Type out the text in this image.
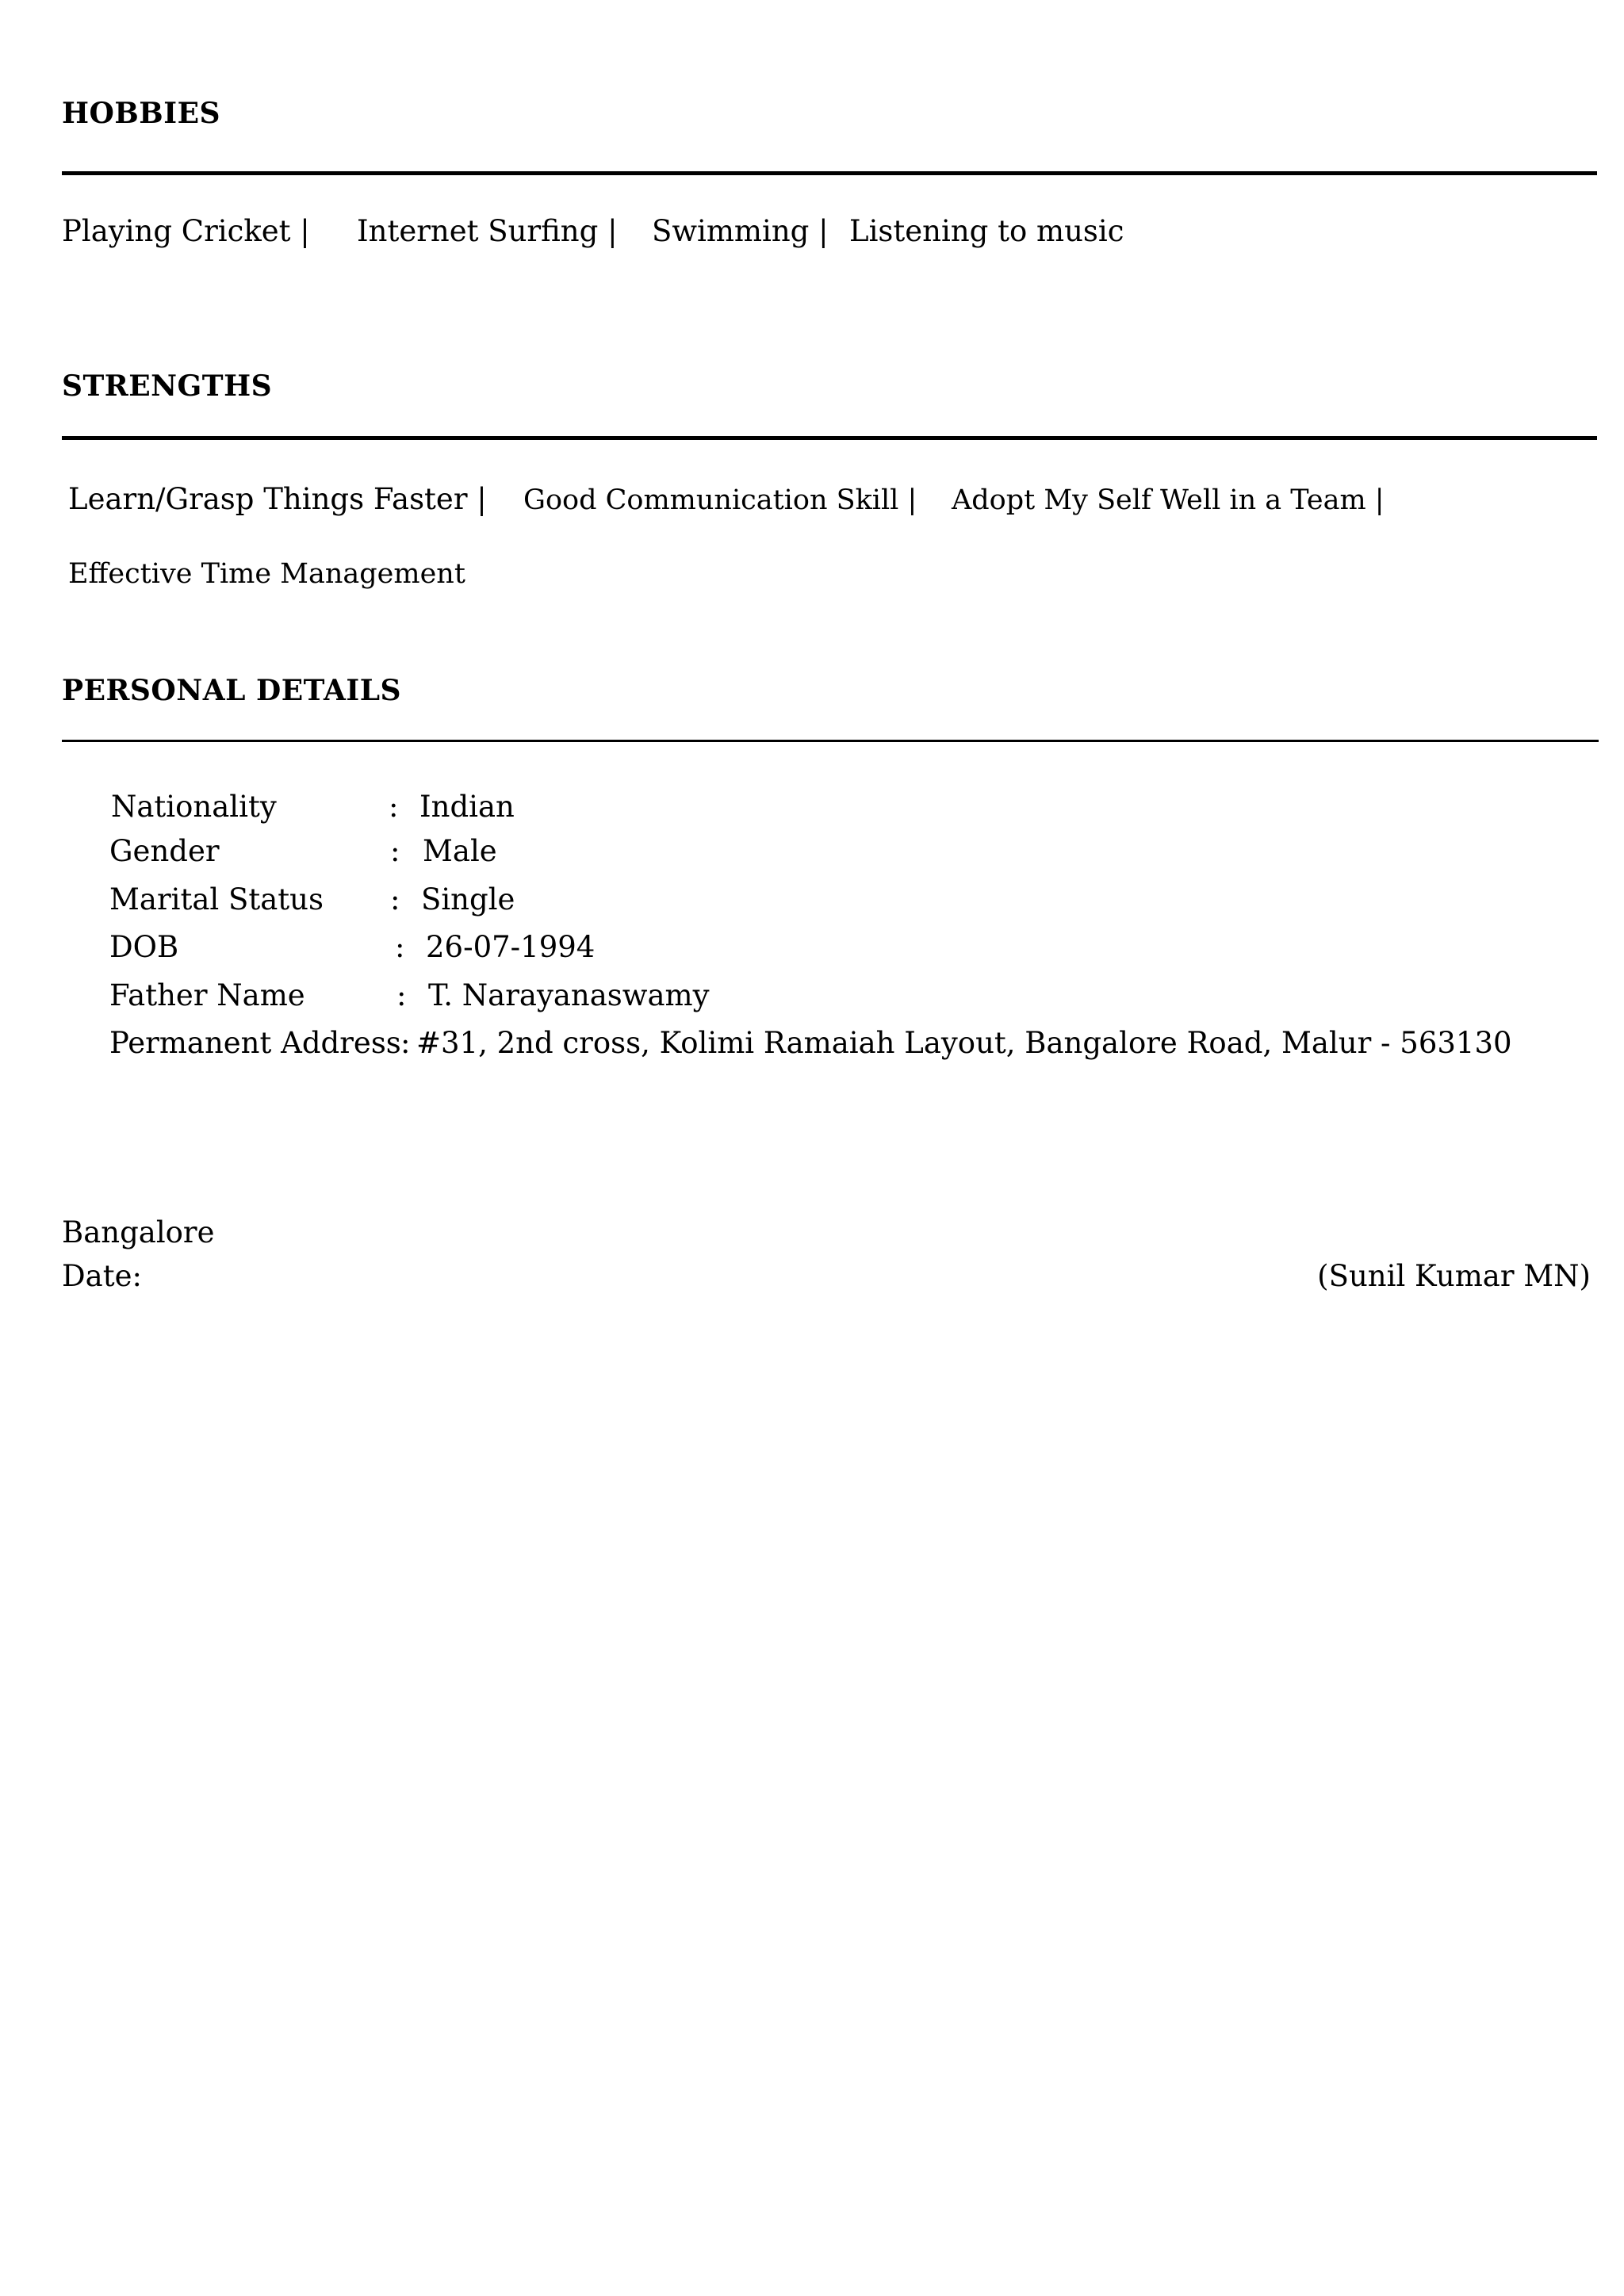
HOBBIES
Playing Cricket | Internet Surfing | Swimming | Listening to music
STRENGTHS
Learn/Grasp Things Faster | Good Communication Skill | Adopt My Self Well in a Team |
Effective Time Management
PERSONAL DETAILS
Nationality	: Indian
Gender	: Male
Marital Status : Single
DOB	: 26-07-1994
Father Name	: T. Narayanaswamy
Permanent Address : #31, 2nd cross, Kolimi Ramaiah Layout, Bangalore Road, Malur - 563130
Bangalore
Date:	(Sunil Kumar MN)
